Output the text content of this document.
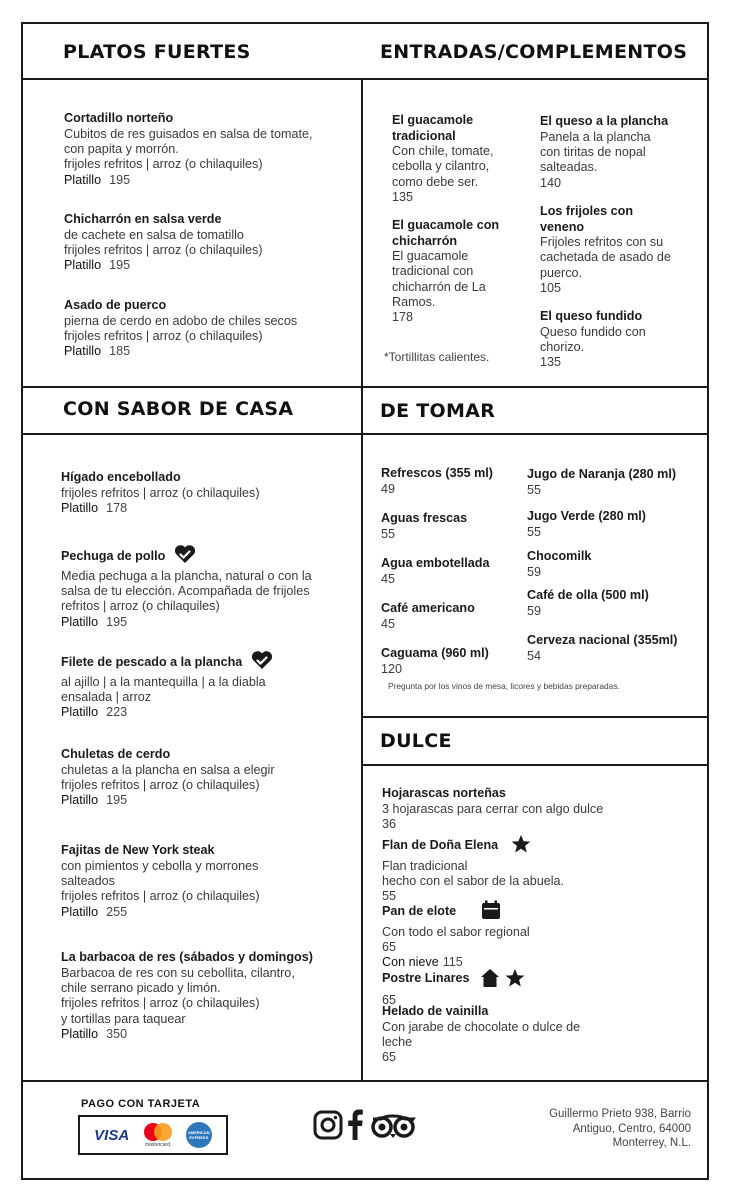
PLATOS FUERTES	ENTRADAS/COMPLEMENTOS
CON SABOR DE CASA	DE TOMAR
DULCE
Cortadillo norteño
Cubitos de res guisados en salsa de tomate,
con papita y morrón.
frijoles refritos | arroz (o chilaquiles)
Platillo 195
Chicharrón en salsa verde
de cachete en salsa de tomatillo
frijoles refritos | arroz (o chilaquiles)
Platillo 195
Asado de puerco
pierna de cerdo en adobo de chiles secos
frijoles refritos | arroz (o chilaquiles)
Platillo 185
El guacamole
tradicional
Con chile, tomate,
cebolla y cilantro,
como debe ser.
135
El guacamole con
chicharrón
El guacamole
tradicional con
chicharrón de La
Ramos.
178
*Tortillitas calientes.
El queso a la plancha
Panela a la plancha
con tiritas de nopal
salteadas.
140
Los frijoles con
veneno
Frijoles refritos con su
cachetada de asado de
puerco.
105
El queso fundido
Queso fundido con
chorizo.
135
Hígado encebollado
frijoles refritos | arroz (o chilaquiles)
Platillo 178
Pechuga de pollo
Media pechuga a la plancha, natural o con la
salsa de tu elección. Acompañada de frijoles
refritos | arroz (o chilaquiles)
Platillo 195
Filete de pescado a la plancha
al ajillo | a la mantequilla | a la diabla
ensalada | arroz
Platillo 223
Chuletas de cerdo
chuletas a la plancha en salsa a elegir
frijoles refritos | arroz (o chilaquiles)
Platillo 195
Fajitas de New York steak
con pimientos y cebolla y morrones
salteados
frijoles refritos | arroz (o chilaquiles)
Platillo 255
La barbacoa de res (sábados y domingos)
Barbacoa de res con su cebollita, cilantro,
chile serrano picado y limón.
frijoles refritos | arroz (o chilaquiles)
y tortillas para taquear
Platillo 350
Refrescos (355 ml)
49
Aguas frescas
55
Agua embotellada
45
Café americano
45
Caguama (960 ml)
120
Jugo de Naranja (280 ml)
55
Jugo Verde (280 ml)
55
Chocomilk
59
Café de olla (500 ml)
59
Cerveza nacional (355ml)
54
Pregunta por los vinos de mesa, licores y bebidas preparadas.
Hojarascas norteñas
3 hojarascas para cerrar con algo dulce
36
Flan de Doña Elena
Flan tradicional
hecho con el sabor de la abuela.
55
Pan de elote
Con todo el sabor regional
65
Con nieve 115
Postre Linares
65
Helado de vainilla
Con jarabe de chocolate o dulce de
leche
65
PAGO CON TARJETA
VISA
mastercard
AMERICAN EXPRESS
Guillermo Prieto 938, Barrio
Antiguo, Centro, 64000
Monterrey, N.L.
